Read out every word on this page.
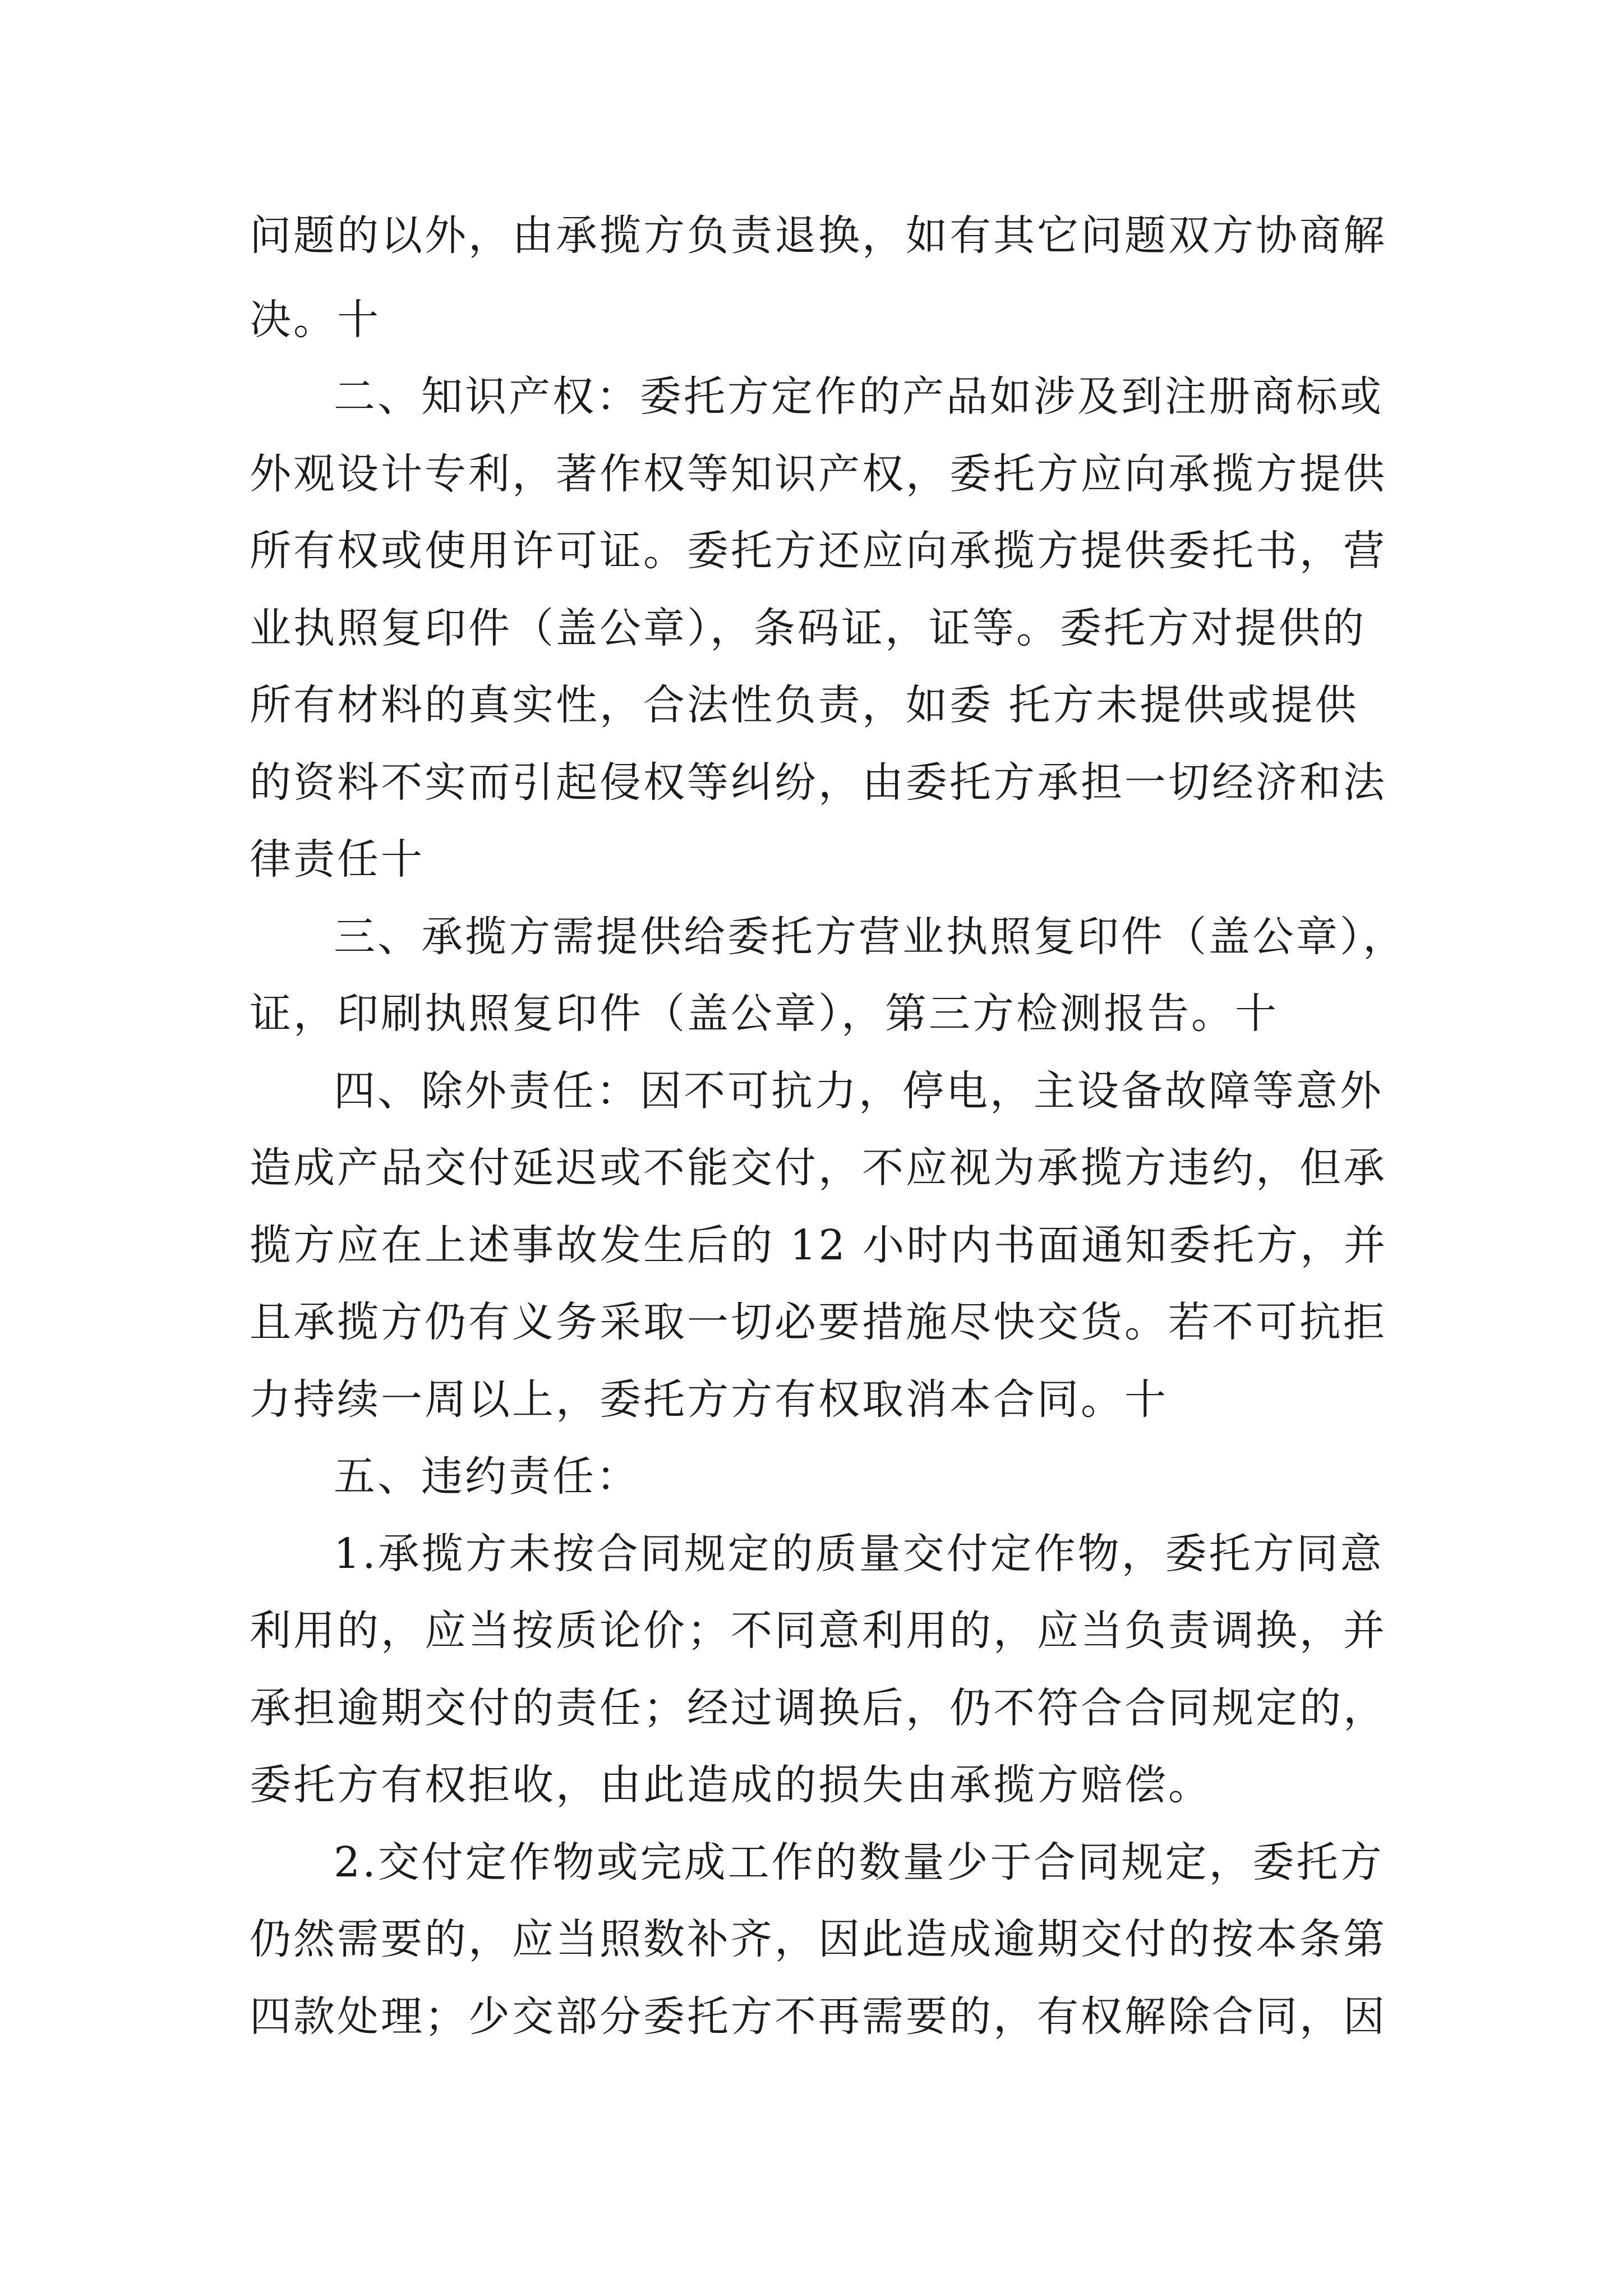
问题的以外，由承揽方负责退换，如有其它问题双方协商解
决。十
二、知识产权：委托方定作的产品如涉及到注册商标或
外观设计专利，著作权等知识产权，委托方应向承揽方提供
所有权或使用许可证。委托方还应向承揽方提供委托书，营
业执照复印件（盖公章），条码证，证等。委托方对提供的
所有材料的真实性，合法性负责，如委 托方未提供或提供
的资料不实而引起侵权等纠纷，由委托方承担一切经济和法
律责任十
三、承揽方需提供给委托方营业执照复印件（盖公章），
证，印刷执照复印件（盖公章），第三方检测报告。十
四、除外责任：因不可抗力，停电，主设备故障等意外
造成产品交付延迟或不能交付，不应视为承揽方违约，但承
揽方应在上述事故发生后的 12 小时内书面通知委托方，并
且承揽方仍有义务采取一切必要措施尽快交货。若不可抗拒
力持续一周以上，委托方方有权取消本合同。十
五、违约责任：
1.承揽方未按合同规定的质量交付定作物，委托方同意
利用的，应当按质论价；不同意利用的，应当负责调换，并
承担逾期交付的责任；经过调换后，仍不符合合同规定的，
委托方有权拒收，由此造成的损失由承揽方赔偿。
2.交付定作物或完成工作的数量少于合同规定，委托方
仍然需要的，应当照数补齐，因此造成逾期交付的按本条第
四款处理；少交部分委托方不再需要的，有权解除合同，因
